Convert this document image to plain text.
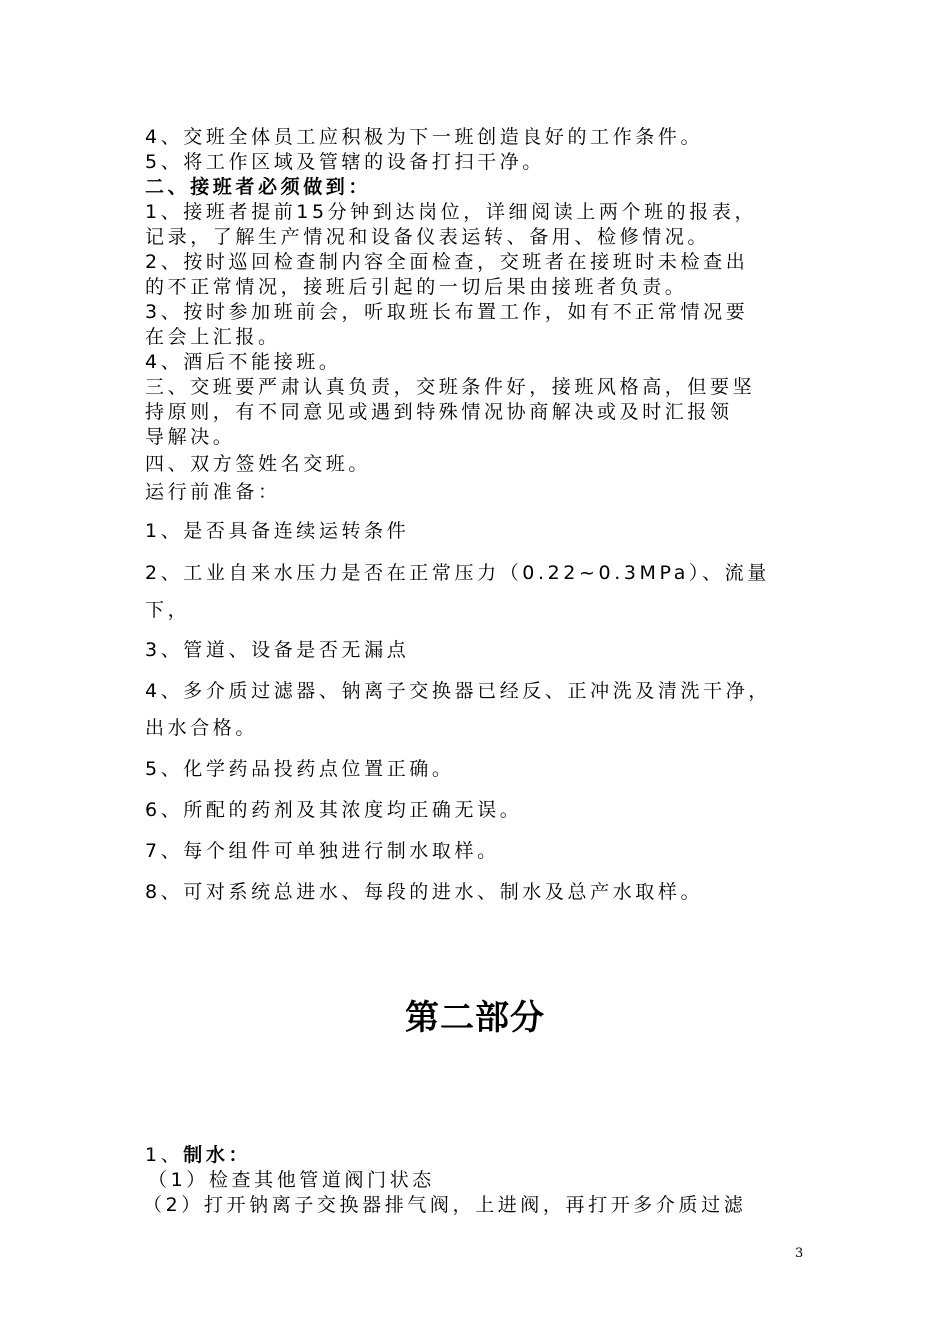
4、交班全体员工应积极为下一班创造良好的工作条件。
5、将工作区域及管辖的设备打扫干净。
二、接班者必须做到：
1、接班者提前15分钟到达岗位，详细阅读上两个班的报表，
记录，了解生产情况和设备仪表运转、备用、检修情况。
2、按时巡回检查制内容全面检查，交班者在接班时未检查出
的不正常情况，接班后引起的一切后果由接班者负责。
3、按时参加班前会，听取班长布置工作，如有不正常情况要
在会上汇报。
4、酒后不能接班。
三、交班要严肃认真负责，交班条件好，接班风格高，但要坚
持原则，有不同意见或遇到特殊情况协商解决或及时汇报领
导解决。
四、双方签姓名交班。
运行前准备：
1、是否具备连续运转条件
2、工业自来水压力是否在正常压力（0.22~0.3MPa）、流量
下，
3、管道、设备是否无漏点
4、多介质过滤器、钠离子交换器已经反、正冲洗及清洗干净，
出水合格。
5、化学药品投药点位置正确。
6、所配的药剂及其浓度均正确无误。
7、每个组件可单独进行制水取样。
8、可对系统总进水、每段的进水、制水及总产水取样。
第二部分
1、制水：
（1）检查其他管道阀门状态
（2）打开钠离子交换器排气阀，上进阀，再打开多介质过滤
3
